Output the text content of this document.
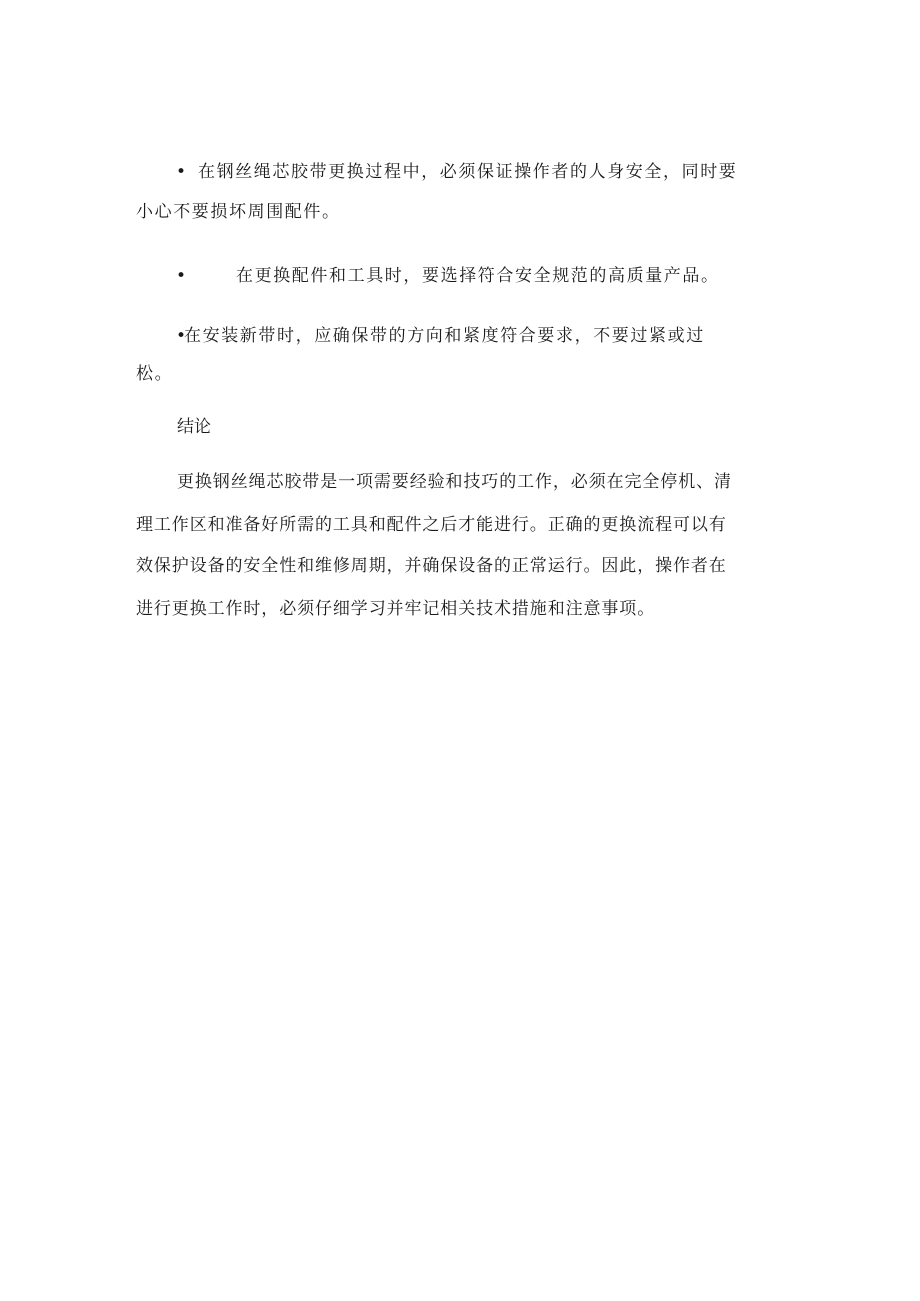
• 在钢丝绳芯胶带更换过程中，必须保证操作者的人身安全，同时要
小心不要损坏周围配件。
•	在更换配件和工具时，要选择符合安全规范的高质量产品。
•
在安装新带时，应确保带的方向和紧度符合要求，不要过紧或过
松。
结论
更换钢丝绳芯胶带是一项需要经验和技巧的工作，必须在完全停机、清
理工作区和准备好所需的工具和配件之后才能进行。正确的更换流程可以有
效保护设备的安全性和维修周期，并确保设备的正常运行。因此，操作者在
进行更换工作时，必须仔细学习并牢记相关技术措施和注意事项。
